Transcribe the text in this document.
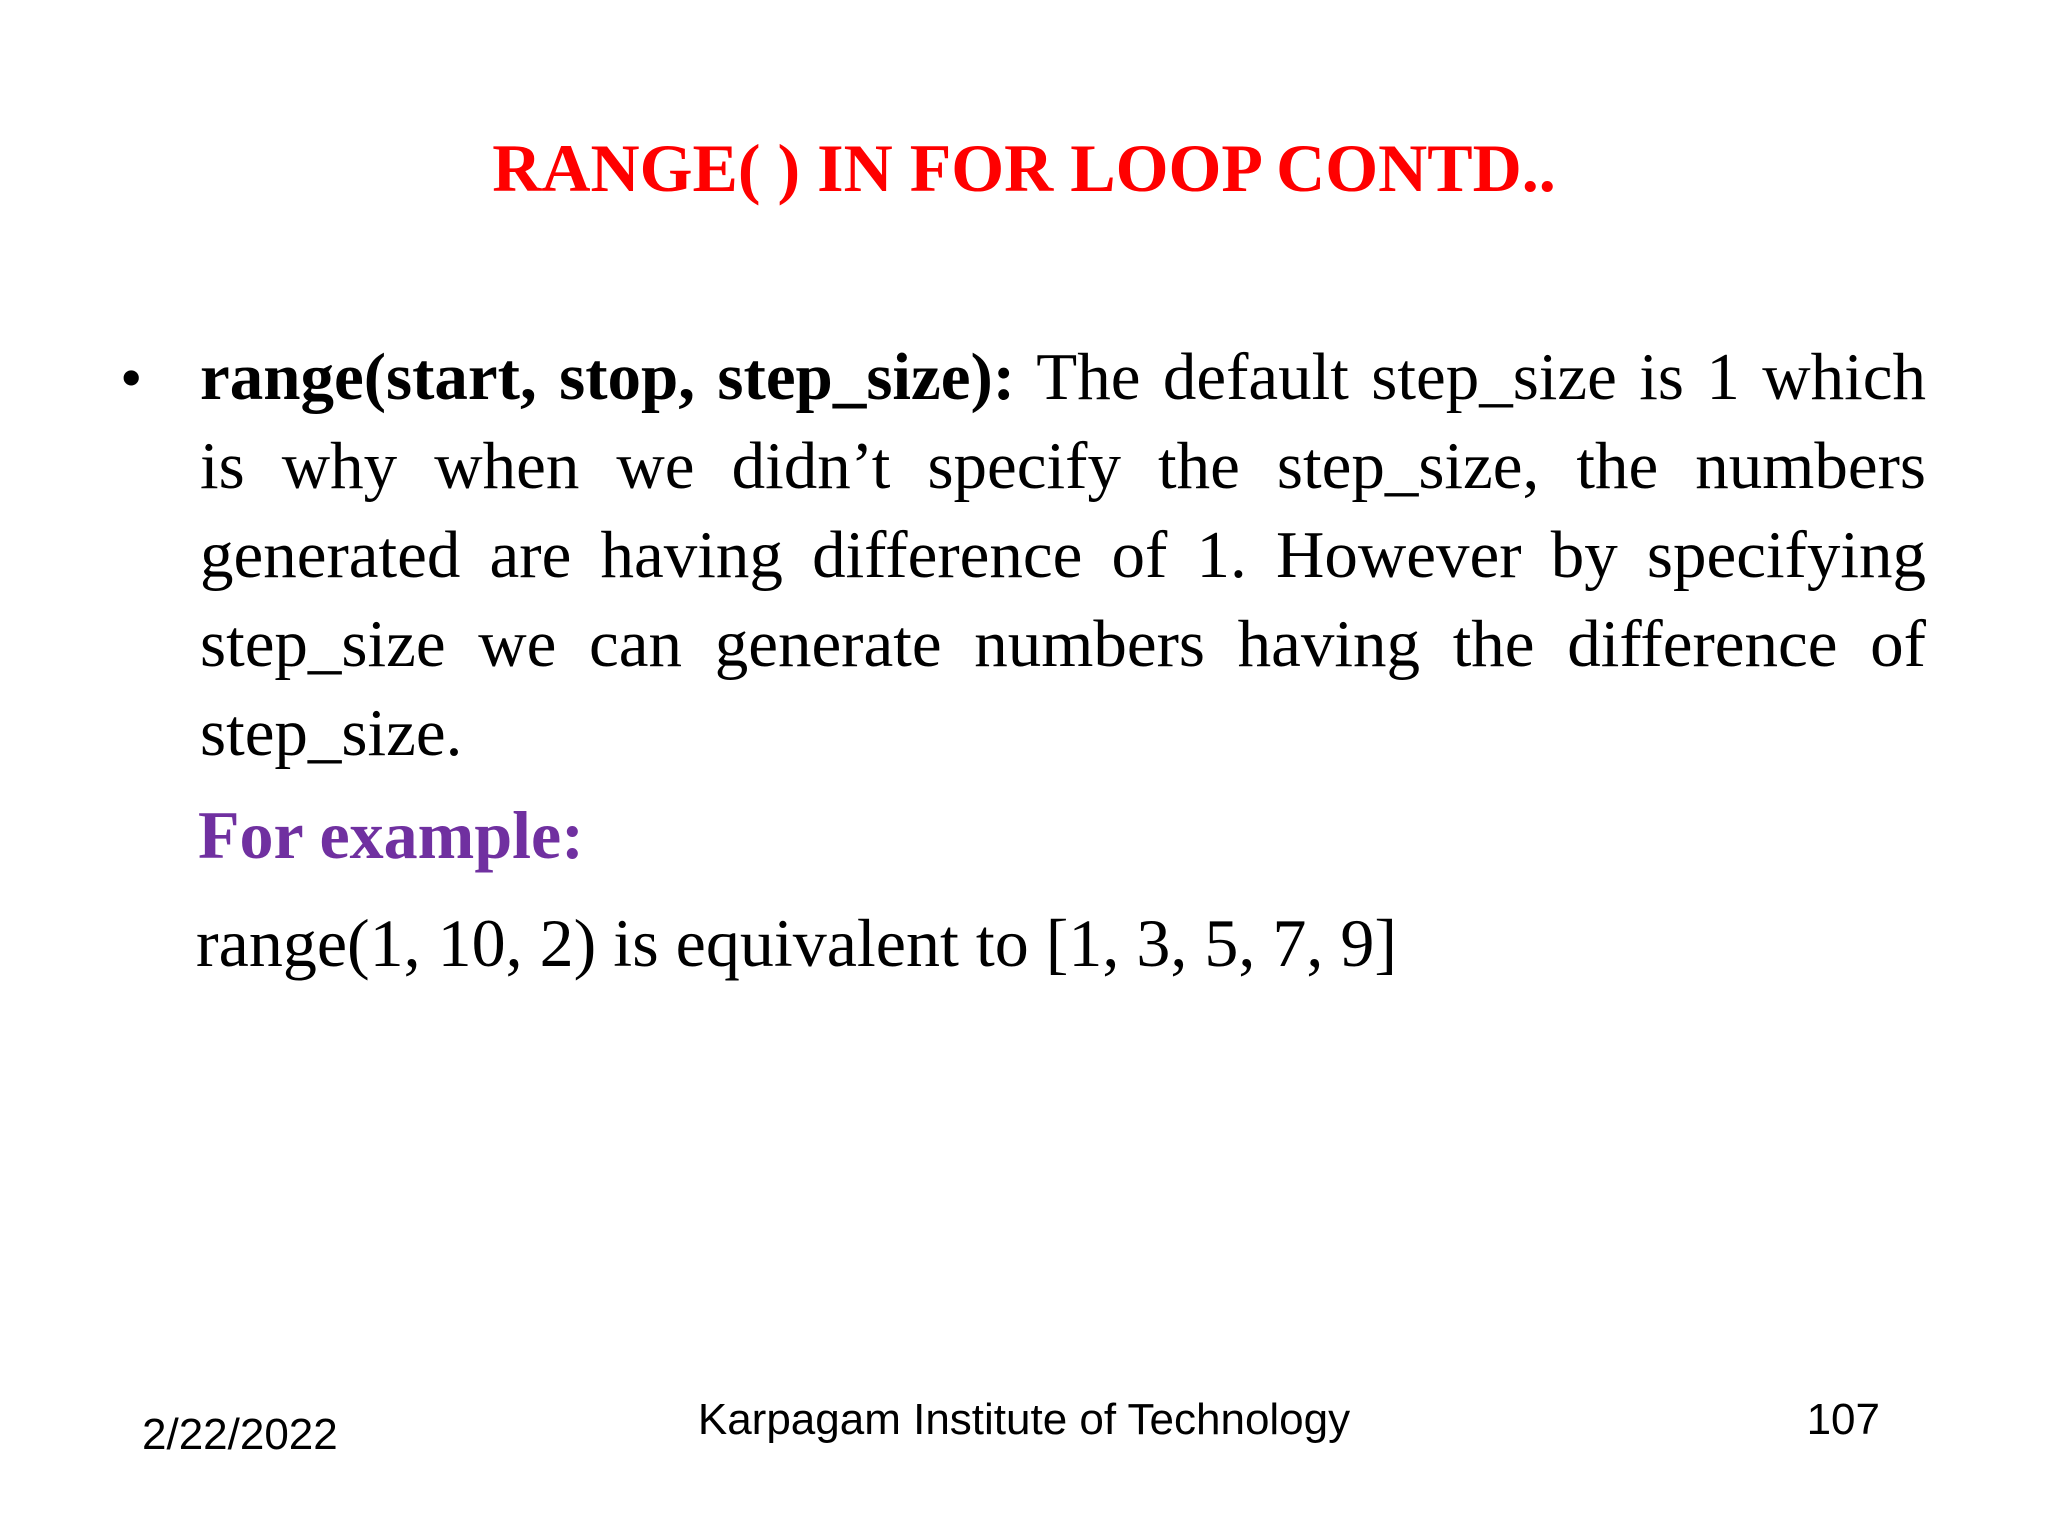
RANGE( ) IN FOR LOOP CONTD..
• range(start, stop, step_size): The default step_size is 1 which is why when we didn’t specify the step_size, the numbers generated are having difference of 1. However by specifying step_size we can generate numbers having the difference of step_size.
For example:
range(1, 10, 2) is equivalent to [1, 3, 5, 7, 9]
2/22/2022	Karpagam Institute of Technology	107
